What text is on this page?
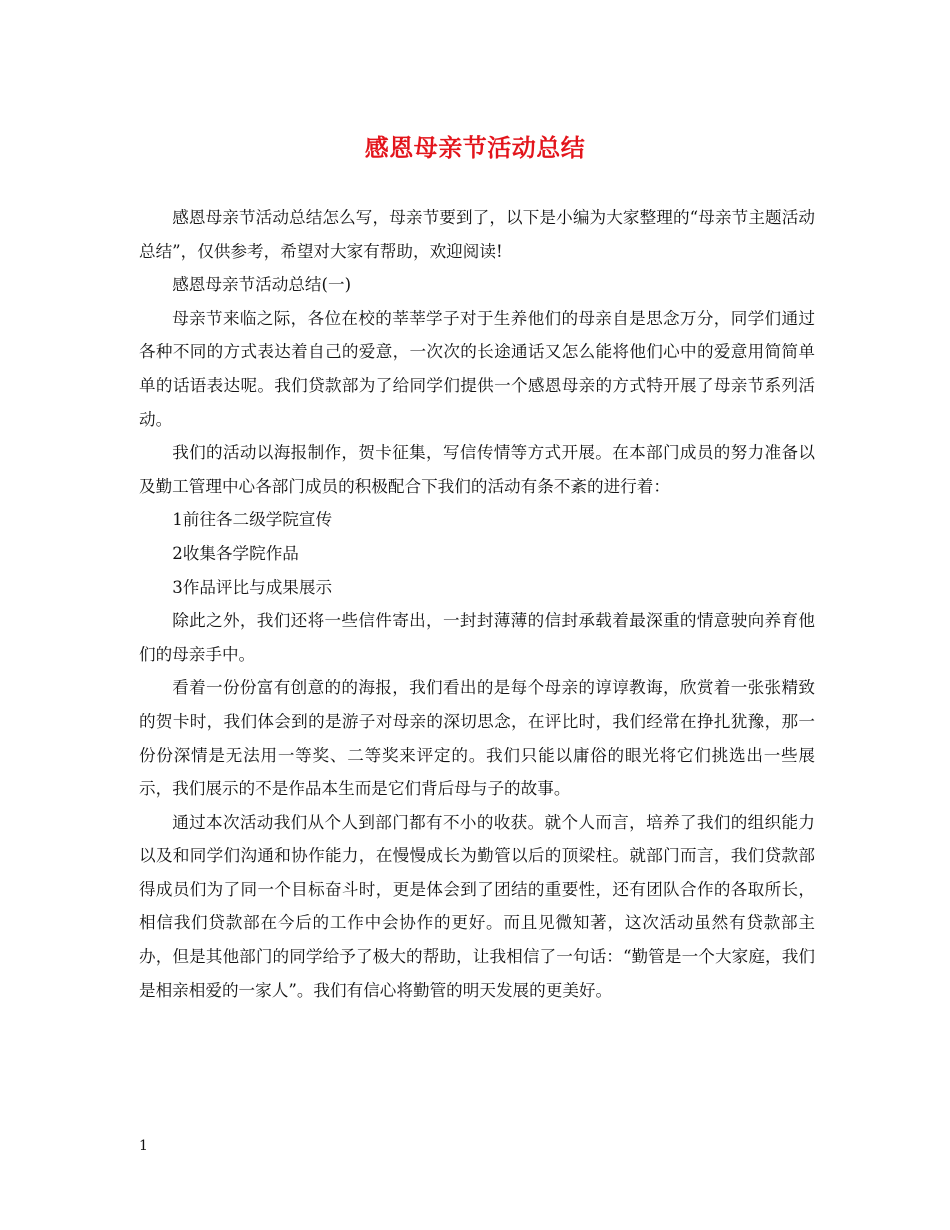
感恩母亲节活动总结

感恩母亲节活动总结怎么写，母亲节要到了，以下是小编为大家整理的“母亲节主题活动总结”，仅供参考，希望对大家有帮助，欢迎阅读!

感恩母亲节活动总结(一)

母亲节来临之际，各位在校的莘莘学子对于生养他们的母亲自是思念万分，同学们通过各种不同的方式表达着自己的爱意，一次次的长途通话又怎么能将他们心中的爱意用简简单单的话语表达呢。我们贷款部为了给同学们提供一个感恩母亲的方式特开展了母亲节系列活动。

我们的活动以海报制作，贺卡征集，写信传情等方式开展。在本部门成员的努力准备以及勤工管理中心各部门成员的积极配合下我们的活动有条不紊的进行着：

1前往各二级学院宣传

2收集各学院作品

3作品评比与成果展示

除此之外，我们还将一些信件寄出，一封封薄薄的信封承载着最深重的情意驶向养育他们的母亲手中。

看着一份份富有创意的的海报，我们看出的是每个母亲的谆谆教诲，欣赏着一张张精致的贺卡时，我们体会到的是游子对母亲的深切思念，在评比时，我们经常在挣扎犹豫，那一份份深情是无法用一等奖、二等奖来评定的。我们只能以庸俗的眼光将它们挑选出一些展示，我们展示的不是作品本生而是它们背后母与子的故事。

通过本次活动我们从个人到部门都有不小的收获。就个人而言，培养了我们的组织能力以及和同学们沟通和协作能力，在慢慢成长为勤管以后的顶梁柱。就部门而言，我们贷款部得成员们为了同一个目标奋斗时，更是体会到了团结的重要性，还有团队合作的各取所长，相信我们贷款部在今后的工作中会协作的更好。而且见微知著，这次活动虽然有贷款部主办，但是其他部门的同学给予了极大的帮助，让我相信了一句话：“勤管是一个大家庭，我们是相亲相爱的一家人”。我们有信心将勤管的明天发展的更美好。

1
